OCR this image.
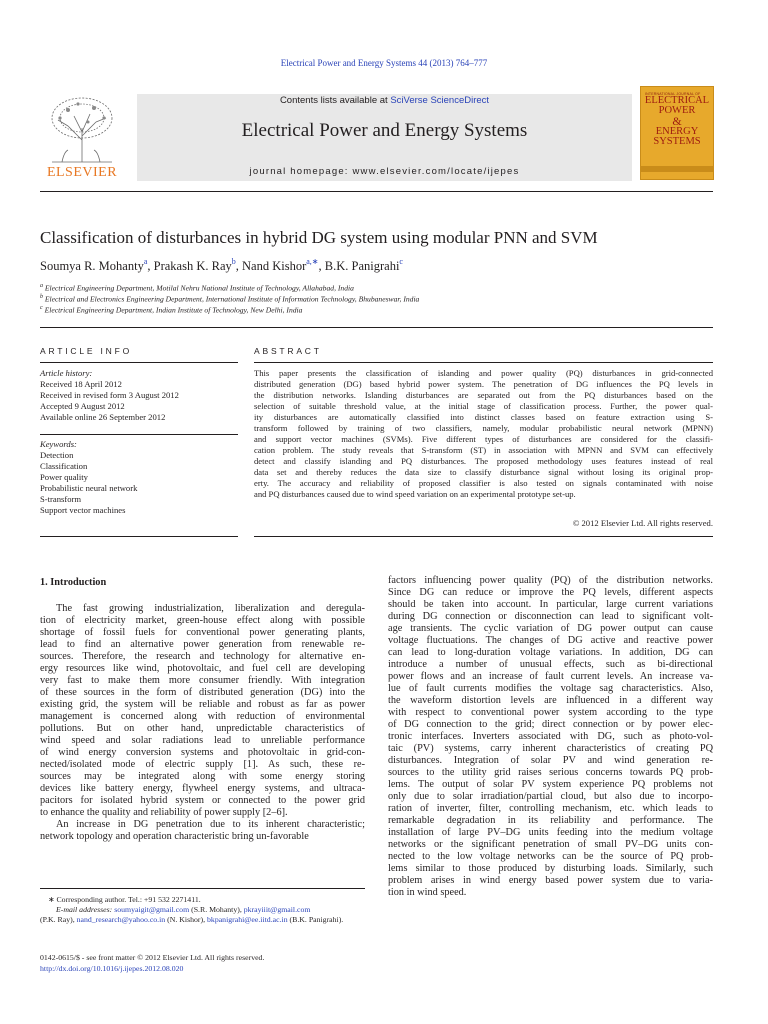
Electrical Power and Energy Systems 44 (2013) 764–777
ELSEVIER
Contents lists available at SciVerse ScienceDirect
Electrical Power and Energy Systems
journal homepage: www.elsevier.com/locate/ijepes
INTERNATIONAL JOURNAL OF
ELECTRICAL
POWER
&
ENERGY
SYSTEMS
Classification of disturbances in hybrid DG system using modular PNN and SVM
Soumya R. Mohanty$^a$, Prakash K. Ray$^b$, Nand Kishor$^{a,∗}$, B.K. Panigrahi$^c$
$^a$ Electrical Engineering Department, Motilal Nehru National Institute of Technology, Allahabad, India
$^b$ Electrical and Electronics Engineering Department, International Institute of Information Technology, Bhubaneswar, India
$^c$ Electrical Engineering Department, Indian Institute of Technology, New Delhi, India
ARTICLE INFO
Article history:
Received 18 April 2012
Received in revised form 3 August 2012
Accepted 9 August 2012
Available online 26 September 2012
Keywords:
Detection
Classification
Power quality
Probabilistic neural network
S-transform
Support vector machines
ABSTRACT
This paper presents the classification of islanding and power quality (PQ) disturbances in grid-connected
distributed generation (DG) based hybrid power system. The penetration of DG influences the PQ levels in
the distribution networks. Islanding disturbances are separated out from the PQ disturbances based on the
selection of suitable threshold value, at the initial stage of classification process. Further, the power qual-
ity disturbances are automatically classified into distinct classes based on feature extraction using S-
transform followed by training of two classifiers, namely, modular probabilistic neural network (MPNN)
and support vector machines (SVMs). Five different types of disturbances are considered for the classifi-
cation problem. The study reveals that S-transform (ST) in association with MPNN and SVM can effectively
detect and classify islanding and PQ disturbances. The proposed methodology uses features instead of real
data set and thereby reduces the data size to classify disturbance signal without losing its original prop-
erty. The accuracy and reliability of proposed classifier is also tested on signals contaminated with noise
and PQ disturbances caused due to wind speed variation on an experimental prototype set-up.
© 2012 Elsevier Ltd. All rights reserved.
1. Introduction
The fast growing industrialization, liberalization and deregula-
tion of electricity market, green-house effect along with possible
shortage of fossil fuels for conventional power generating plants,
lead to find an alternative power generation from renewable re-
sources. Therefore, the research and technology for alternative en-
ergy resources like wind, photovoltaic, and fuel cell are developing
very fast to make them more consumer friendly. With integration
of these sources in the form of distributed generation (DG) into the
existing grid, the system will be reliable and robust as far as power
management is concerned along with reduction of environmental
pollutions. But on other hand, unpredictable characteristics of
wind speed and solar radiations lead to unreliable performance
of wind energy conversion systems and photovoltaic in grid-con-
nected/isolated mode of electric supply [1]. As such, these re-
sources may be integrated along with some energy storing
devices like battery energy, flywheel energy systems, and ultraca-
pacitors for isolated hybrid system or connected to the power grid
to enhance the quality and reliability of power supply [2–6].
An increase in DG penetration due to its inherent characteristic;
network topology and operation characteristic bring un-favorable
factors influencing power quality (PQ) of the distribution networks.
Since DG can reduce or improve the PQ levels, different aspects
should be taken into account. In particular, large current variations
during DG connection or disconnection can lead to significant volt-
age transients. The cyclic variation of DG power output can cause
voltage fluctuations. The changes of DG active and reactive power
can lead to long-duration voltage variations. In addition, DG can
introduce a number of unusual effects, such as bi-directional
power flows and an increase of fault current levels. An increase va-
lue of fault currents modifies the voltage sag characteristics. Also,
the waveform distortion levels are influenced in a different way
with respect to conventional power system according to the type
of DG connection to the grid; direct connection or by power elec-
tronic interfaces. Inverters associated with DG, such as photo-vol-
taic (PV) systems, carry inherent characteristics of creating PQ
disturbances. Integration of solar PV and wind generation re-
sources to the utility grid raises serious concerns towards PQ prob-
lems. The output of solar PV system experience PQ problems not
only due to solar irradiation/partial cloud, but also due to incorpo-
ration of inverter, filter, controlling mechanism, etc. which leads to
remarkable degradation in its reliability and performance. The
installation of large PV–DG units feeding into the medium voltage
networks or the significant penetration of small PV–DG units con-
nected to the low voltage networks can be the source of PQ prob-
lems similar to those produced by disturbing loads. Similarly, such
problem arises in wind energy based power system due to varia-
tion in wind speed.
∗ Corresponding author. Tel.: +91 532 2271411.
E-mail addresses: soumyaigit@gmail.com (S.R. Mohanty), pkrayiiit@gmail.com
(P.K. Ray), nand_research@yahoo.co.in (N. Kishor), bkpanigrahi@ee.iitd.ac.in (B.K. Panigrahi).
0142-0615/$ - see front matter © 2012 Elsevier Ltd. All rights reserved.
http://dx.doi.org/10.1016/j.ijepes.2012.08.020
